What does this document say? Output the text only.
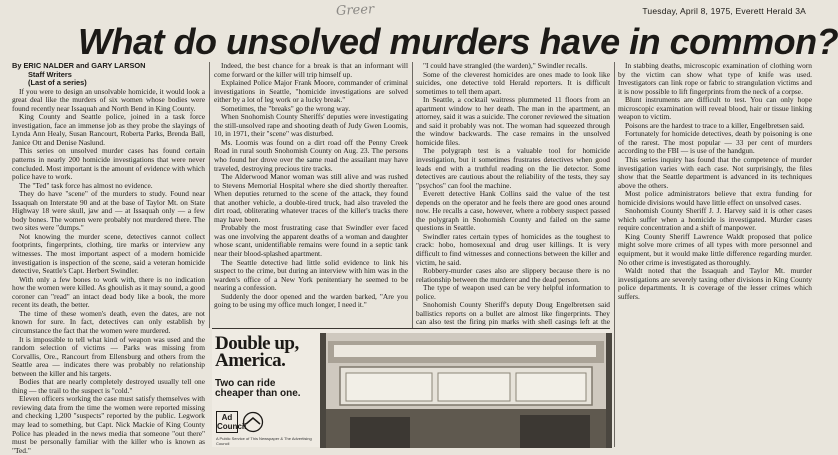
Greer	Tuesday, April 8, 1975, Everett Herald 3A
What do unsolved murders have in common?

By ERIC NALDER and GARY LARSON

Staff Writers

(Last of a series)

If you were to design an unsolvable homicide, it would look a great deal like the murders of six women whose bodies were found recently near Issaquah and North Bend in King County.

King County and Seattle police, joined in a task force investigation, face an immense job as they probe the slayings of Lynda Ann Healy, Susan Rancourt, Roberta Parks, Brenda Ball, Janice Ott and Denise Naslund.

This series on unsolved murder cases has found certain patterns in nearly 200 homicide investigations that were never concluded. Most important is the amount of evidence with which police have to work.

The "Ted" task force has almost no evidence.

They do have "scene" of the murders to study. Found near Issaquah on Interstate 90 and at the base of Taylor Mt. on State Highway 18 were skull, jaw and — at Issaquah only — a few body bones. The women were probably not murdered there. The two sites were "dumps."

Not knowing the murder scene, detectives cannot collect footprints, fingerprints, clothing, tire marks or interview any witnesses. The most important aspect of a modern homicide investigation is inspection of the scene, said a veteran homicide detective, Seattle's Capt. Herbert Swindler.

With only a few bones to work with, there is no indication how the women were killed. As ghoulish as it may sound, a good coroner can "read" an intact dead body like a book, the more recent its death, the better.

The time of these women's death, even the dates, are not known for sure. In fact, detectives can only establish by circumstance the fact that the women were murdered.

It is impossible to tell what kind of weapon was used and the random selection of victims — Parks was missing from Corvallis, Ore., Rancourt from Ellensburg and others from the Seattle area — indicates there was probably no relationship between the killer and his targets.

Bodies that are nearly completely destroyed usually tell one thing — the trail to the suspect is "cold."

Eleven officers working the case must satisfy themselves with reviewing data from the time the women were reported missing and checking 1,200 "suspects" reported by the public. Legwork may lead to something, but Capt. Nick Mackie of King County Police has pleaded in the news media that someone "out there" must be personally familiar with the killer who is known as "Ted."

Indeed, the best chance for a break is that an informant will come forward or the killer will trip himself up.

Explained Police Major Frank Moore, commander of criminal investigations in Seattle, "homicide investigations are solved either by a lot of leg work or a lucky break."

Sometimes, the "breaks" go the wrong way.

When Snohomish County Sheriffs' deputies were investigating the still-unsolved rape and shooting death of Judy Gwen Loomis, 10, in 1971, their "scene" was disturbed.

Ms. Loomis was found on a dirt road off the Penny Creek Road in rural south Snohomish County on Aug. 23. The persons who found her drove over the same road the assailant may have traveled, destroying precious tire tracks.

The Alderwood Manor woman was still alive and was rushed to Stevens Memorial Hospital where she died shortly thereafter. When deputies returned to the scene of the attack, they found that another vehicle, a double-tired truck, had also traveled the dirt road, obliterating whatever traces of the killer's tracks there may have been.

Probably the most frustrating case that Swindler ever faced was one involving the apparent deaths of a woman and daughter whose scant, unidentifiable remains were found in a septic tank near their blood-splashed apartment.

The Seattle detective had little solid evidence to link his suspect to the crime, but during an interview with him was in the warden's office of a New York penitentiary he seemed to be nearing a confession.

Suddenly the door opened and the warden barked, "Are you going to be using my office much longer, I need it."

"I could have strangled (the warden)," Swindler recalls.

Some of the cleverest homicides are ones made to look like suicides, one detective told Herald reporters. It is difficult sometimes to tell them apart.

In Seattle, a cocktail waitress plummeted 11 floors from an apartment window to her death. The man in the apartment, an attorney, said it was a suicide. The coroner reviewed the situation and said it probably was not. The woman had squeezed through the window backwards. The case remains in the unsolved homicide files.

The polygraph test is a valuable tool for homicide investigation, but it sometimes frustrates detectives when good leads end with a truthful reading on the lie detector. Some detectives are cautious about the reliability of the tests, they say "psychos" can fool the machine.

Everett detective Hank Collins said the value of the test depends on the operator and he feels there are good ones around now. He recalls a case, however, where a robbery suspect passed the polygraph in Snohomish County and failed on the same questions in Seattle.

Swindler rates certain types of homicides as the toughest to crack: hobo, homosexual and drug user killings. It is very difficult to find witnesses and connections between the killer and victim, he said.

Robbery-murder cases also are slippery because there is no relationship between the murderer and the dead person.

The type of weapon used can be very helpful information to police.

Snohomish County Sheriff's deputy Doug Engelbretsen said ballistics reports on a bullet are almost like fingerprints. They can also test the firing pin marks with shell casings left at the

In stabbing deaths, microscopic examination of clothing worn by the victim can show what type of knife was used. Investigators can link rope or fabric to strangulation victims and it is now possible to lift fingerprints from the neck of a corpse.

Blunt instruments are difficult to test. You can only hope microscopic examination will reveal blood, hair or tissue linking weapon to victim.

Poisons are the hardest to trace to a killer, Engelbretsen said.

Fortunately for homicide detectives, death by poisoning is one of the rarest. The most popular — 33 per cent of murders according to the FBI — is use of the handgun.

This series inquiry has found that the competence of murder investigation varies with each case. Not surprisingly, the files show that the Seattle department is advanced in its techniques above the others.

Most police administrators believe that extra funding for homicide divisions would have little effect on unsolved cases.

Snohomish County Sheriff J. J. Harvey said it is other cases which suffer when a homicide is investigated. Murder cases require concentration and a shift of manpower.

King County Sheriff Lawrence Waldt proposed that police might solve more crimes of all types with more personnel and equipment, but it would make little difference regarding murder. No other crime is investigated as thoroughly.

Waldt noted that the Issaquah and Taylor Mt. murder investigations are severely taxing other divisions in King County police departments. It is coverage of the lesser crimes which suffers.

Double up, America.
Two can ride cheaper than one.
Ad Council
A Public Service of This Newspaper & The Advertising Council
